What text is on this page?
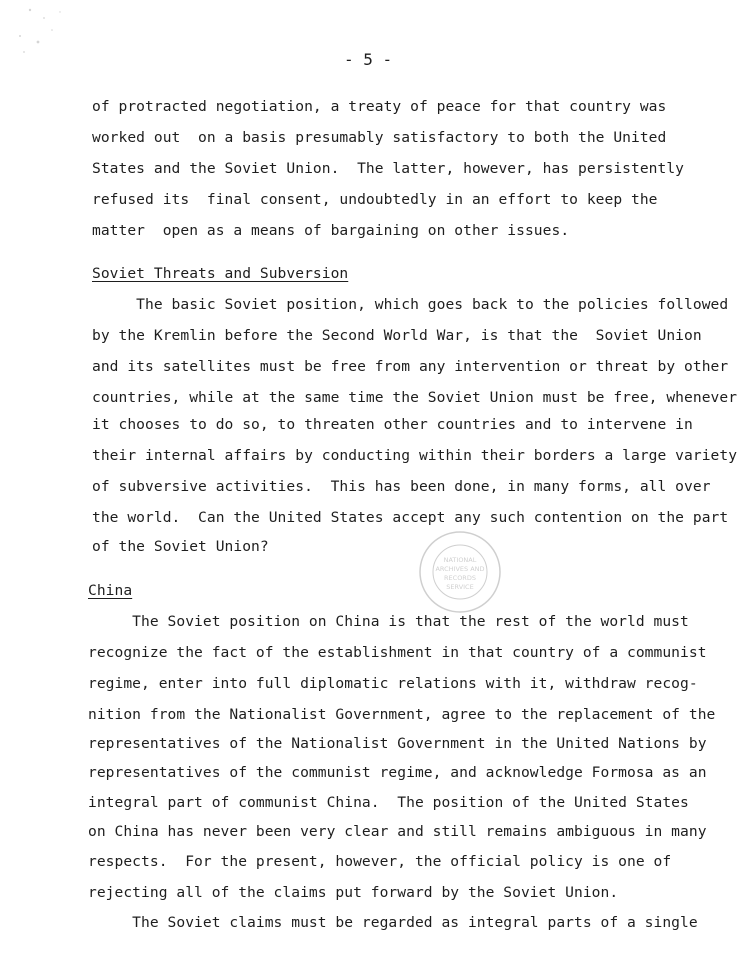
- 5 -
of protracted negotiation, a treaty of peace for that country was
worked out  on a basis presumably satisfactory to both the United
States and the Soviet Union.  The latter, however, has persistently
refused its  final consent, undoubtedly in an effort to keep the
matter  open as a means of bargaining on other issues.
Soviet Threats and Subversion
The basic Soviet position, which goes back to the policies followed
by the Kremlin before the Second World War, is that the  Soviet Union
and its satellites must be free from any intervention or threat by other
countries, while at the same time the Soviet Union must be free, whenever
it chooses to do so, to threaten other countries and to intervene in
their internal affairs by conducting within their borders a large variety
of subversive activities.  This has been done, in many forms, all over
the world.  Can the United States accept any such contention on the part
of the Soviet Union?
NATIONAL
ARCHIVES AND
RECORDS
SERVICE
China
The Soviet position on China is that the rest of the world must
recognize the fact of the establishment in that country of a communist
regime, enter into full diplomatic relations with it, withdraw recog-
nition from the Nationalist Government, agree to the replacement of the
representatives of the Nationalist Government in the United Nations by
representatives of the communist regime, and acknowledge Formosa as an
integral part of communist China.  The position of the United States
on China has never been very clear and still remains ambiguous in many
respects.  For the present, however, the official policy is one of
rejecting all of the claims put forward by the Soviet Union.
The Soviet claims must be regarded as integral parts of a single
